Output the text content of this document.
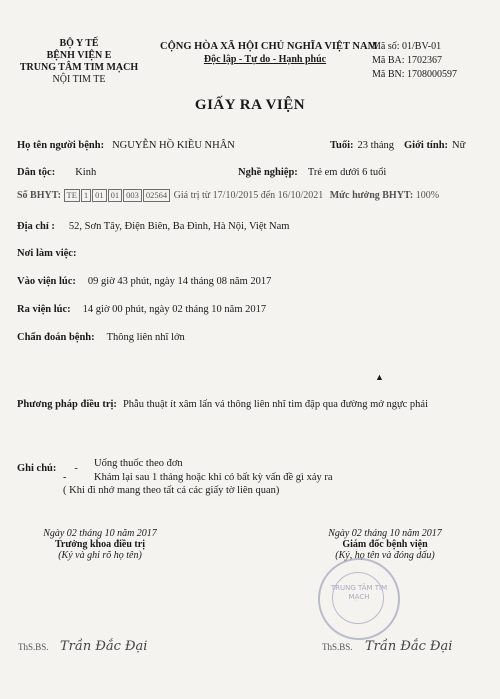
BỘ Y TẾ
BỆNH VIỆN E
TRUNG TÂM TIM MẠCH
NỘI TIM TE
CỘNG HÒA XÃ HỘI CHỦ NGHĨA VIỆT NAM
Độc lập - Tự do - Hạnh phúc
Mã số: 01/BV-01
Mã BA: 1702367
Mã BN: 1708000597
GIẤY RA VIỆN
Họ tên người bệnh: NGUYỄN HỒ KIỀU NHÂN	Tuổi: 23 tháng Giới tính: Nữ
Dân tộc: Kinh	Nghề nghiệp: Trẻ em dưới 6 tuổi
Số BHYT: TE 1 01 01 003 02564 Giá trị từ 17/10/2015 đến 16/10/2021 Mức hưởng BHYT: 100%
Địa chỉ : 52, Sơn Tây, Điện Biên, Ba Đình, Hà Nội, Việt Nam
Nơi làm việc:
Vào viện lúc: 09 giờ 43 phút, ngày 14 tháng 08 năm 2017
Ra viện lúc: 14 giờ 00 phút, ngày 02 tháng 10 năm 2017
Chẩn đoán bệnh: Thông liên nhĩ lớn
▲
Phương pháp điều trị: Phẫu thuật ít xâm lấn vá thông liên nhĩ tim đập qua đường mở ngực phải
Ghi chú: - Uống thuốc theo đơn
-	Khám lại sau 1 tháng hoặc khi có bất kỳ vấn đề gì xảy ra
( Khi đi nhớ mang theo tất cả các giấy tờ liên quan)
Ngày 02 tháng 10 năm 2017
Trưởng khoa điều trị
(Ký và ghi rõ họ tên)
ThS.BS. Trần Đắc Đại
Ngày 02 tháng 10 năm 2017
Giám đốc bệnh viện
(Ký, họ tên và đóng dấu)
TRUNG TÂM TIM MẠCH
ThS.BS. Trần Đắc Đại
